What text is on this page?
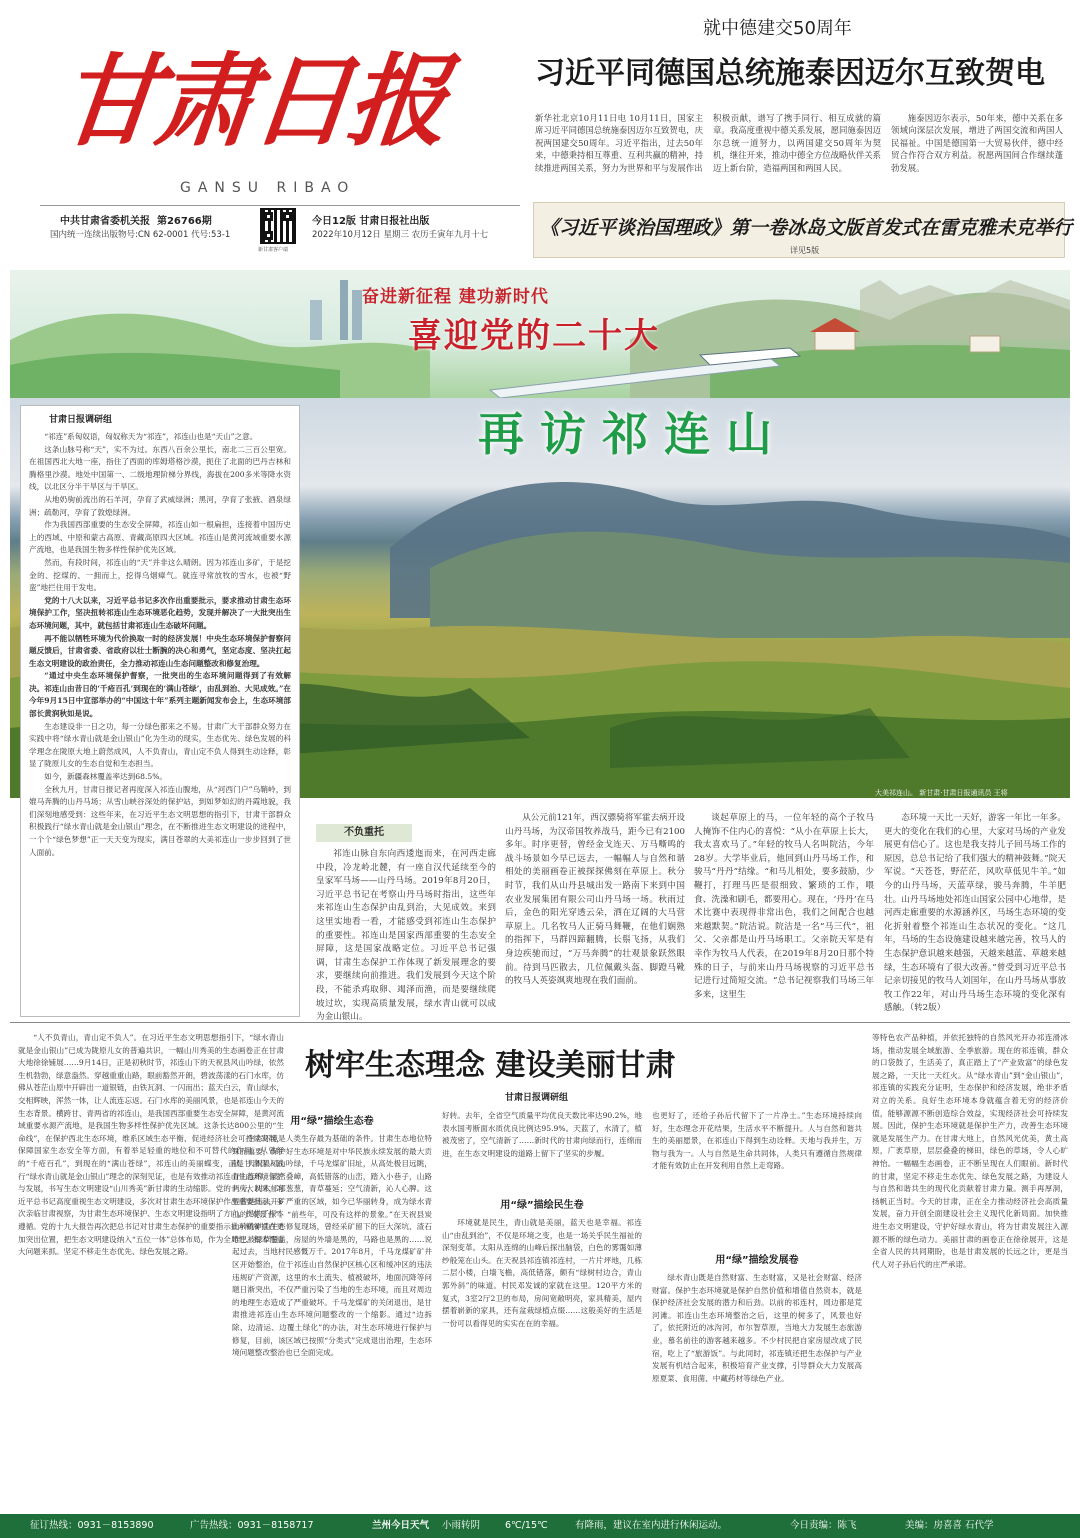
甘肃日报
GANSU RIBAO
中共甘肃省委机关报 第26766期
国内统一连续出版物号:CN 62-0001 代号:53-1
新甘肃客户端
今日12版 甘肃日报社出版
2022年10月12日 星期三 农历壬寅年九月十七
就中德建交50周年
习近平同德国总统施泰因迈尔互致贺电

新华社北京10月11日电 10月11日，国家主席习近平同德国总统施泰因迈尔互致贺电，庆祝两国建交50周年。习近平指出，过去50年来，中德秉持相互尊重、互利共赢的精神，持续推进两国关系，努力为世界和平与发展作出

积极贡献，谱写了携手同行、相互成就的篇章。我高度重视中德关系发展，愿同施泰因迈尔总统一道努力，以两国建交50周年为契机，继往开来，推动中德全方位战略伙伴关系迈上新台阶，造福两国和两国人民。

施泰因迈尔表示，50年来，德中关系在多领域向深层次发展，增进了两国交流和两国人民福祉。中国是德国第一大贸易伙伴，德中经贸合作符合双方利益。祝愿两国间合作继续蓬勃发展。

《习近平谈治国理政》第一卷冰岛文版首发式在雷克雅未克举行
详见5版
奋进新征程 建功新时代
喜迎党的二十大
再访祁连山
大美祁连山。 新甘肃·甘肃日报通讯员 王将
甘肃日报调研组

“祁连”系匈奴语，匈奴称天为“祁连”，祁连山也是“天山”之意。

这条山脉号称“天”，实不为过。东西八百余公里长，南北二三百公里宽。在祖国西北大地一座，指住了西面的库姆塔格沙漠，扼住了北面的巴丹吉林和腾格里沙漠。地处中国第一、二级地理阶梯分界线，海拔在200多米等降水资线，以北区分半干旱区与干旱区。

从地奶驹前流出的石羊河，孕育了武威绿洲；黑河，孕育了张掖、酒泉绿洲；疏勒河，孕育了敦煌绿洲。

作为我国西部重要的生态安全屏障，祁连山如一根扁担，连接着中国历史上的西域、中原和蒙古高原、青藏高原四大区域。祁连山是黄河流域重要水源产流地，也是我国生物多样性保护优先区域。

然而，有段时间，祁连山的“天”并非这么晴朗。因为祁连山多矿，于是挖金的、挖煤的、一拥而上，挖得乌烟瘴气。就连寻常放牧的雪水，也被“野蛮”地拦住用于发电。

党的十八大以来，习近平总书记多次作出重要批示，要求推动甘肃生态环境保护工作，坚决扭转祁连山生态环境恶化趋势，发现并解决了一大批突出生态环境问题，其中，就包括甘肃祁连山生态破坏问题。

再不能以牺牲环境为代价换取一时的经济发展！中央生态环境保护督察问题反馈后，甘肃省委、省政府以壮士断腕的决心和勇气，坚定态度、坚决扛起生态文明建设的政治责任，全力推动祁连山生态问题整改和修复治理。

“通过中央生态环境保护督察，一批突出的生态环境问题得到了有效解决。祁连山由昔日的‘千疮百孔’到现在的‘满山苍绿’，由乱到治、大见成效。”在今年9月15日中宣部举办的“中国这十年”系列主题新闻发布会上，生态环境部部长黄润秋如是说。

生态建设非一日之功，每一分绿色都来之不易。甘肃广大干部群众努力在实践中将“绿水青山就是金山银山”化为生动的现实，生态优先、绿色发展的科学理念在陇原大地上蔚然成风，人不负青山，青山定不负人得到生动诠释，彰显了陇原儿女的生态自觉和生态担当。

如今，新疆森林覆盖率达到68.5%。

全秋九月，甘肃日报记者再度深入祁连山腹地，从“河西门户”乌鞘岭，到媲马奔腾的山丹马场；从雪山峡谷深处的保护站，到如梦如幻的丹霞地貌，我们深刻地感受到：这些年来，在习近平生态文明思想的指引下，甘肃干部群众积极践行“绿水青山就是金山银山”理念，在不断推进生态文明建设的进程中，一个个“绿色梦想”正一天天变为现实，满目苍翠的大美祁连山一步步回到了世人面前。

不负重托

祁连山脉自东向西逶迤而来，在河西走廊中段，冷龙岭北麓，有一座自汉代延续至今的皇家军马场——山丹马场。2019年8月20日，习近平总书记在考察山丹马场时指出，这些年来祁连山生态保护由乱到治，大见成效。来到这里实地看一看，才能感受到祁连山生态保护的重要性。祁连山是国家西部重要的生态安全屏障，这是国家战略定位。习近平总书记强调，甘肃生态保护工作体现了新发展理念的要求，要继续向前推进。我们发展到今天这个阶段，不能杀鸡取卵、竭泽而渔，而是要继续爬坡过坎，实现高质量发展，绿水青山就可以成为金山银山。

从公元前121年，西汉骠骑将军霍去病开设山丹马场，为汉帝国牧养战马，距今已有2100多年。时序更替，曾经金戈连天、万马嘶鸣的战斗场景如今早已远去，一幅幅人与自然和谐相处的美丽画卷正被探探佛刻在草原上。秋分时节，我们从山丹县城出发一路南下来到中国农业发展集团有限公司山丹马场一场。秋雨过后，金色的阳光穿透云朵，洒在辽阔的大马营草原上。几名牧马人正骑马舞鞭，在他们娴熟的指挥下，马群四蹄翻腾，长鬃飞扬，从我们身边疾驰而过，“万马奔腾”的壮观景象跃然眼前。待到马匹散去，几位佩戴头盔、脚蹬马靴的牧马人英姿飒爽地现在我们面前。

谈起草原上的马，一位年轻的高个子牧马人掩饰不住内心的喜悦：“从小在草原上长大，我太喜欢马了。”年轻的牧马人名叫院洁，今年28岁。大学毕业后，他回到山丹马场工作，和骏马“丹丹”结缘。“和马儿相处，要多鼓励，少鞭打，打理马匹是很细致、繁琐的工作，喂食、洗澡和刷毛，都要用心。现在，‘丹丹’在马术比赛中表现得非常出色，我们之间配合也越来越默契。”院洁说。院洁是一名“马三代”，祖父、父亲都是山丹马场职工。父亲院天军是有幸作为牧马人代表，在2019年8月20日那个特殊的日子，与前来山丹马场视察的习近平总书记进行过简短交流。“总书记视察我们马场三年多来，这里生

态环境一天比一天好，游客一年比一年多。更大的变化在我们的心里，大家对马场的产业发展更有信心了。这也是我支持儿子回马场工作的原因，总总书记给了我们强大的精神鼓舞。”院天军说。“天苍苍，野茫茫，风吹草低见牛羊。”如今的山丹马场，天蓝草绿，骏马奔腾，牛羊肥壮。山丹马场地处祁连山国家公园中心地带，是河西走廊重要的水源涵养区，马场生态环境的变化折射着整个祁连山生态状况的变化。“这几年，马场的生态设施建设越来越完善，牧马人的生态保护意识越来越强，天越来越蓝、草越来越绿，生态环境有了很大改善。”曾受到习近平总书记亲切接见的牧马人刘国年，在山丹马场从事放牧工作22年，对山丹马场生态环境的变化深有感触。（转2版）

树牢生态理念 建设美丽甘肃
甘肃日报调研组

“人不负青山，青山定不负人”。在习近平生态文明思想指引下，“绿水青山就是金山银山”已成为陇原儿女的普遍共识，一幅山川秀美的生态画卷正在甘肃大地徐徐铺展……9月14日，正是初秋时节，祁连山下的天祝县风山吟绿，依然生机勃勃，绿意盎然。穿越重重山路，眼前豁然开朗，碧波荡漾的石门水库，仿佛从苍茫山原中开辟出一道银链，由铁瓦洞、一闪而出；蓝天白云，青山绿水，交相辉映，浑然一体，让人流连忘返。石门水库的美丽风景，也是祁连山今天的生态背景。横跨甘、青两省的祁连山，是我国西部重要生态安全屏障，是黄河流域重要水源产流地，是我国生物多样性保护优先区域。这条长达800公里的“生命线”，在保护西北生态环境，维系区域生态平衡、促进经济社会可持续发展，保障国家生态安全等方面，有着举足轻重的地位和不可替代的作用。从曾经的“千疮百孔”，到现在的“满山苍绿”，祁连山的美丽蝶变，正是甘肃深入践行“绿水青山就是金山银山”理念的深刻见证，也是有效推动祁连山生态环境保护与发展，书写生态文明建设“山川秀美”新甘肃的生动缩影。党的十八大以来，习近平总书记高度重视生态文明建设，多次对甘肃生态环境保护作出重要批示，多次亲临甘肃视察，为甘肃生态环境保护、生态文明建设指明了方向，提供了根本遵循。党的十九大报告再次把总书记对甘肃生态保护的重要指示批示精神摆在更加突出位置，把生态文明建设纳入“五位一体”总体布局，作为全局性、根本性重大问题来抓。坚定不移走生态优先、绿色发展之路。

用“绿”描绘生态卷

生态环境是人类生存最为基础的条件。甘肃生态地位特殊而重要，保护好生态环境是对中华民族永续发展的最大贡献。天祝县风山吟绿，千马龙煤矿旧址，从高处极目远眺，青山连绵，层峦叠嶂，高低错落的山峦，踏入小巷子，山路两旁，树木郁郁葱葱，青草蔓延；空气清新，沁人心脾。这里曾是违法开矿严重的区域，如今已华丽转身，成为绿水青山的“观景台”。“前些年，可没有这样的景象。”在天祝县炭山岭的矿山生态修复现场，曾经采矿留下的巨大深坑、渣石堆已被绿草覆盖，房屋的外墙是黑的，马路也是黑的……说起过去，当地村民感慨万千。2017年8月，千马龙煤矿矿井区开始整治，位于祁连山自然保护区核心区和缓冲区的违法违规矿产资源，这里的水土流失、植被破坏，地面沉降等问题日渐突出，不仅严重污染了当地的生态环境，而且对周边的地理生态造成了严重破坏。千马龙煤矿的关闭退出，是甘肃推进祁连山生态环境问题整改的一个缩影。通过“边拆除、边清运、边覆土绿化”的办法，对生态环境进行保护与修复，目前，该区域已按照“分类式”完成退出治理，生态环境问题整改整治也已全面完成。

好转。去年，全省空气质量平均优良天数比率达90.2%，地表水国考断面水质优良比例达95.9%。天蓝了，水清了，植被茂密了，空气清新了……新时代的甘肃向绿而行，连绵而进，在生态文明建设的道路上留下了坚实的步履。

用“绿”描绘民生卷

环境就是民生，青山就是美丽，蓝天也是幸福。祁连山“由乱到治”，不仅是环境之变，也是一场关乎民生福祉的深刻变革。太阳从连绵的山峰后探出脑袋，白色的雾霭如薄纱般笼在山头。在天祝县祁连镇祁连村，一片片坪地，几栋二层小楼，白墙飞檐，高低错落，颇有“绿树村边合，青山郭外斜”的味道。村民邓发诚的家就在这里。120平方米的复式，3室2厅2卫的布局，房间宽敞明亮，家具精美，屋内摆着崭新的家具，还有盆栽绿植点缀……这般美好的生活是一份可以看得见的实实在在的幸福。

也更好了，还给子孙后代留下了一片净土。”生态环境持续向好，生态理念开花结果，生活水平不断提升。人与自然和谐共生的美丽愿景，在祁连山下得到生动诠释。天地与我并生，万物与我为一。人与自然是生命共同体，人类只有遵循自然规律才能有效防止在开发利用自然上走弯路。

用“绿”描绘发展卷

绿水青山既是自然财富、生态财富，又是社会财富、经济财富。保护生态环境就是保护自然价值和增值自然资本，就是保护经济社会发展的潜力和后劲。以前的祁连村，周边都是荒河滩。祁连山生态环境整治之后，这里的树多了，风景也好了，依托附近的冰沟河，布尔智草原，当地大力发展生态旅游业，慕名前往的游客越来越多。不少村民把自家房屋改成了民宿，吃上了“旅游饭”。与此同时，祁连镇还把生态保护与产业发展有机结合起来，积极培育产业支撑，引导群众大力发展高原夏菜、食用菌、中藏药材等绿色产业。

等特色农产品种植，并依托独特的自然风光开办祁连滑冰场，推动发展全域旅游、全季旅游。现在的祁连镇，群众的口袋鼓了，生活美了，真正踏上了“产业致富”的绿色发展之路，一天比一天红火。从“绿水青山”到“金山银山”，祁连镇的实践充分证明，生态保护和经济发展，绝非矛盾对立的关系。良好生态环境本身就蕴含着无穷的经济价值，能够源源不断创造综合效益，实现经济社会可持续发展。因此，保护生态环境就是保护生产力，改善生态环境就是发展生产力。在甘肃大地上，自然风光优美，黄土高原，广袤草原，层层叠叠的梯田，绿色的草场，令人心旷神怡。一幅幅生态画卷，正不断呈现在人们眼前。新时代的甘肃，坚定不移走生态优先、绿色发展之路，为建设人与自然和谐共生的现代化贡献着甘肃力量。测手再厚洞，扬帆正当时。今天的甘肃，正在全力推动经济社会高质量发展，奋力开创全面建设社会主义现代化新局面。加快推进生态文明建设，守护好绿水青山，将为甘肃发展注入源源不断的绿色动力。美丽甘肃的画卷正在徐徐展开，这是全省人民的共同期盼，也是甘肃发展的长远之计，更是当代人对子孙后代的庄严承诺。

征订热线：0931－8153890	广告热线：0931－8158717	兰州今日天气 小雨转阴	6℃/15℃	有降雨，建议在室内进行休闲运动。	今日责编：陈飞	美编：房喜喜 石代学
